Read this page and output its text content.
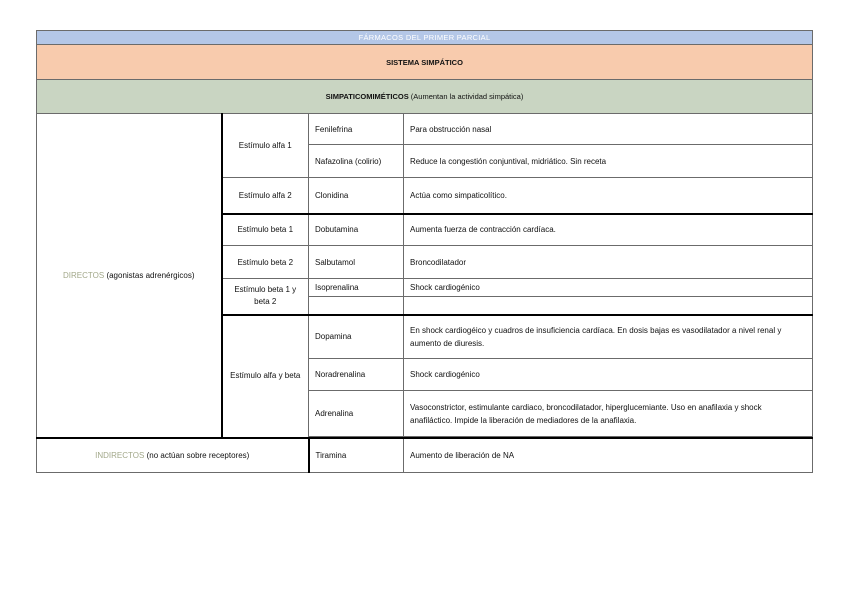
FÁRMACOS DEL PRIMER PARCIAL			
SISTEMA SIMPÁTICO			
SIMPATICOMIMÉTICOS (Aumentan la actividad simpática)			
DIRECTOS (agonistas adrenérgicos)	Estímulo alfa 1	Fenilefrina	Para obstrucción nasal
		Nafazolina (colirio)	Reduce la congestión conjuntival, midriático. Sin receta
	Estímulo alfa 2	Clonidina	Actúa como simpaticolítico.
	Estímulo beta 1	Dobutamina	Aumenta fuerza de contracción cardíaca.
	Estímulo beta 2	Salbutamol	Broncodilatador
	Estímulo beta 1 y beta 2	Isoprenalina	Shock cardiogénico

	Estímulo alfa y beta	Dopamina	En shock cardiogéico y cuadros de insuficiencia cardíaca. En dosis bajas es vasodilatador a nivel renal y aumento de diuresis.
		Noradrenalina	Shock cardiogénico
		Adrenalina	Vasoconstrictor, estimulante cardiaco, broncodilatador, hiperglucemiante. Uso en anafilaxia y shock anafiláctico. Impide la liberación de mediadores de la anafilaxia.

INDIRECTOS (no actúan sobre receptores)		Tiramina	Aumento de liberación de NA
